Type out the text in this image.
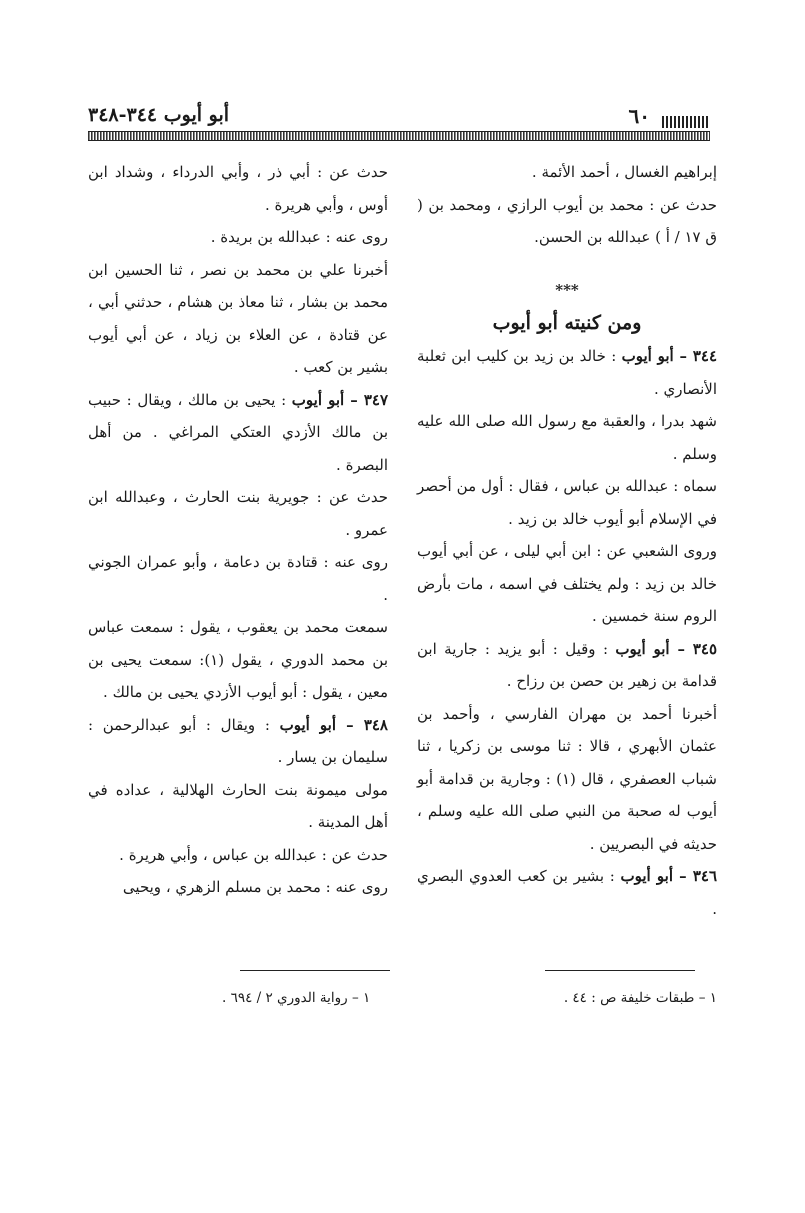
أبو أيوب ٣٤٤-٣٤٨	٦٠

إبراهيم الغسال ، أحمد الأئمة .

حدث عن : محمد بن أيوب الرازي ، ومحمد بن ( ق ١٧ / أ ) عبدالله بن الحسن.

***

ومن كنيته أبو أيوب

٣٤٤ – أبو أيوب : خالد بن زيد بن كليب ابن ثعلبة الأنصاري .

شهد بدرا ، والعقبة مع رسول الله صلى الله عليه وسلم .

سماه : عبدالله بن عباس ، فقال : أول من أحصر في الإسلام أبو أيوب خالد بن زيد .

وروى الشعبي عن : ابن أبي ليلى ، عن أبي أيوب خالد بن زيد : ولم يختلف في اسمه ، مات بأرض الروم سنة خمسين .

٣٤٥ – أبو أيوب : وقيل : أبو يزيد : جارية ابن قدامة بن زهير بن حصن بن رزاح .

أخبرنا أحمد بن مهران الفارسي ، وأحمد بن عثمان الأبهري ، قالا : ثنا موسى بن زكريا ، ثنا شباب العصفري ، قال (١) : وجارية بن قدامة أبو أيوب له صحبة من النبي صلى الله عليه وسلم ، حديثه في البصريين .

٣٤٦ – أبو أيوب : بشير بن كعب العدوي البصري .

حدث عن : أبي ذر ، وأبي الدرداء ، وشداد ابن أوس ، وأبي هريرة .

روى عنه : عبدالله بن بريدة .

أخبرنا علي بن محمد بن نصر ، ثنا الحسين ابن محمد بن بشار ، ثنا معاذ بن هشام ، حدثني أبي ، عن قتادة ، عن العلاء بن زياد ، عن أبي أيوب بشير بن كعب .

٣٤٧ – أبو أيوب : يحيى بن مالك ، ويقال : حبيب بن مالك الأزدي العتكي المراغي . من أهل البصرة .

حدث عن : جويرية بنت الحارث ، وعبدالله ابن عمرو .

روى عنه : قتادة بن دعامة ، وأبو عمران الجوني .

سمعت محمد بن يعقوب ، يقول : سمعت عباس بن محمد الدوري ، يقول (١): سمعت يحيى بن معين ، يقول : أبو أيوب الأزدي يحيى بن مالك .

٣٤٨ – أبو أيوب : ويقال : أبو عبدالرحمن : سليمان بن يسار .

مولى ميمونة بنت الحارث الهلالية ، عداده في أهل المدينة .

حدث عن : عبدالله بن عباس ، وأبي هريرة .

روى عنه : محمد بن مسلم الزهري ، ويحيى

١ – طبقات خليفة ص : ٤٤ .
١ – رواية الدوري ٢ / ٦٩٤ .
